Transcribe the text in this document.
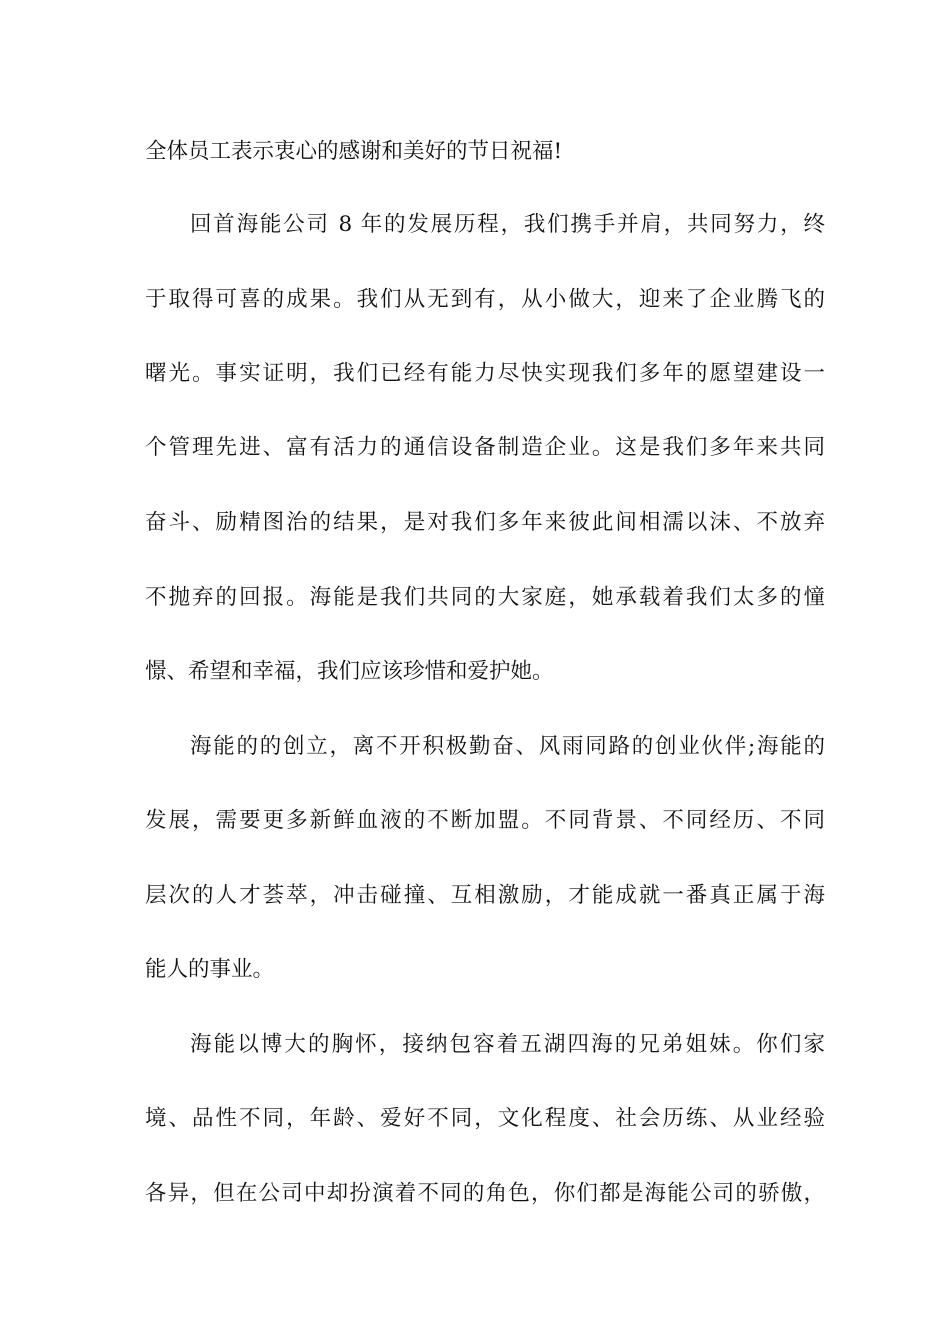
全体员工表示衷心的感谢和美好的节日祝福!
回首海能公司 8 年的发展历程，我们携手并肩，共同努力，终
于取得可喜的成果。我们从无到有，从小做大，迎来了企业腾飞的
曙光。事实证明，我们已经有能力尽快实现我们多年的愿望建设一
个管理先进、富有活力的通信设备制造企业。这是我们多年来共同
奋斗、励精图治的结果，是对我们多年来彼此间相濡以沫、不放弃
不抛弃的回报。海能是我们共同的大家庭，她承载着我们太多的憧
憬、希望和幸福，我们应该珍惜和爱护她。
海能的的创立，离不开积极勤奋、风雨同路的创业伙伴;海能的
发展，需要更多新鲜血液的不断加盟。不同背景、不同经历、不同
层次的人才荟萃，冲击碰撞、互相激励，才能成就一番真正属于海
能人的事业。
海能以博大的胸怀，接纳包容着五湖四海的兄弟姐妹。你们家
境、品性不同，年龄、爱好不同，文化程度、社会历练、从业经验
各异，但在公司中却扮演着不同的角色，你们都是海能公司的骄傲，
